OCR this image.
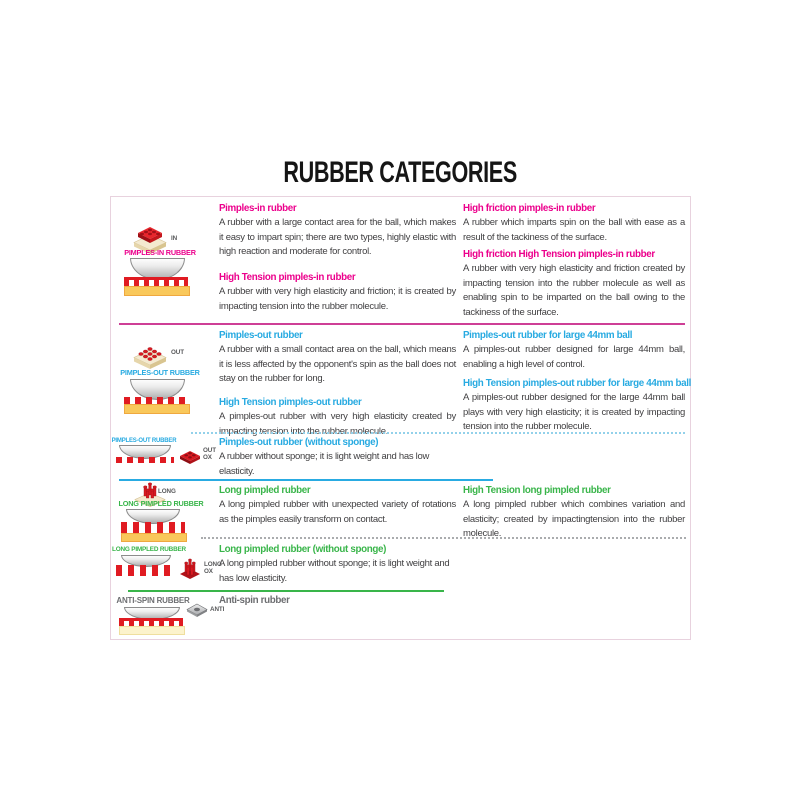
RUBBER CATEGORIES
IN
PIMPLES-IN RUBBER

Pimples-in rubber

A rubber with a large contact area for the ball, which makes it easy to impart spin; there are two types, highly elastic with high reaction and moderate for control.

High Tension pimples-in rubber

A rubber with very high elasticity and friction; it is created by impacting tension into the rubber molecule.

High friction pimples-in rubber

A rubber which imparts spin on the ball with ease as a result of the tackiness of the surface.

High friction High Tension pimples-in rubber

A rubber with very high elasticity and friction created by impacting tension into the rubber molecule as well as enabling spin to be imparted on the ball owing to the tackiness of the surface.

OUT
PIMPLES-OUT RUBBER

Pimples-out rubber

A rubber with a small contact area on the ball, which means it is less affected by the opponent's spin as the ball does not stay on the rubber for long.

High Tension pimples-out rubber

A pimples-out rubber with very high elasticity created by impacting tension into the rubber molecule.

Pimples-out rubber for large 44mm ball

A pimples-out rubber designed for large 44mm ball, enabling a high level of control.

High Tension pimples-out rubber for large 44mm ball

A pimples-out rubber designed for the large 44mm ball plays with very high elasticity; it is created by impacting tension into the rubber molecule.

PIMPLES-OUT RUBBER
OUT
OX

Pimples-out rubber (without sponge)

A rubber without sponge; it is light weight and has low elasticity.

LONG
LONG PIMPLED RUBBER

Long pimpled rubber

A long pimpled rubber with unexpected variety of rotations as the pimples easily transform on contact.

High Tension long pimpled rubber

A long pimpled rubber which combines variation and elasticity; created by impactingtension into the rubber molecule.

LONG PIMPLED RUBBER
LONG
OX

Long pimpled rubber (without sponge)

A long pimpled rubber without sponge; it is light weight and has low elasticity.

ANTI-SPIN RUBBER
ANTI

Anti-spin rubber
